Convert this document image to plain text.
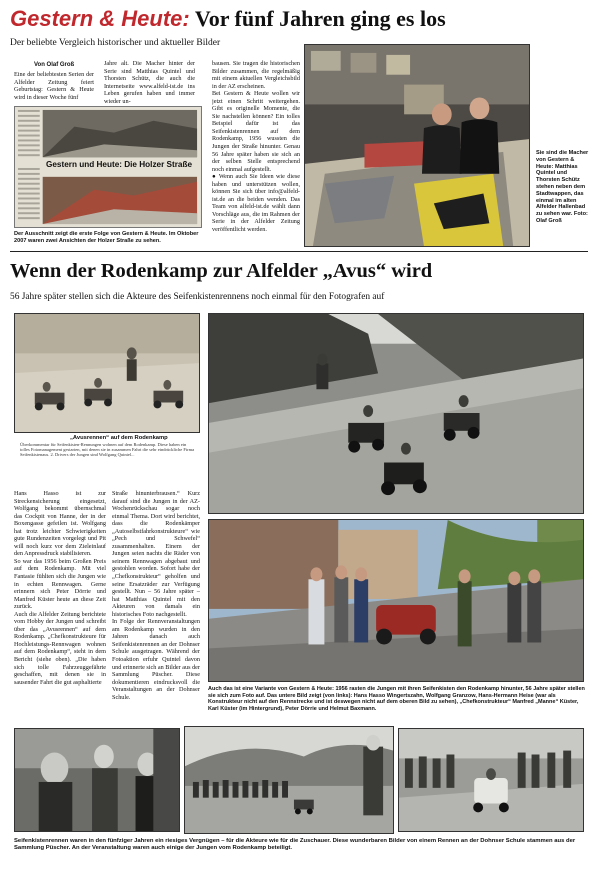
Gestern & Heute: Vor fünf Jahren ging es los
Der beliebte Vergleich historischer und aktueller Bilder
Von Olaf Groß
Eine der beliebtesten Serien der Alfelder Zeitung feiert Geburtstag: Gestern & Heute wird in dieser Woche fünf
Jahre alt. Die Macher hinter der Serie sind Matthias Quintel und Thorsten Schütz, die auch die Internetseite www.alfeld-ist.de ins Leben gerufen haben und immer wieder un-
bausen. Sie tragen die historischen Bilder zusammen, die regelmäßig mit einem aktuellen Vergleichsbild in der AZ erscheinen.
Bei Gestern & Heute wollen wir jetzt einen Schritt weitergehen. Gibt es originelle Momente, die Sie nachstellen können? Ein tolles Beispiel dafür ist das Seifenkistenrennen auf dem Rodenkamp, 1956 wussten die Jungen der Straße hinunter. Genau 56 Jahre später haben sie sich an der selben Stelle entsprechend noch einmal aufgestellt.
● Wenn auch Sie Ideen wie diese haben und unterstützen wollen, können Sie sich über info@alfeld-ist.de an die beiden wenden. Das Team von alfeld-ist.de wählt dann Vorschläge aus, die im Rahmen der Serie in der Alfelder Zeitung veröffentlicht werden.
Gestern und Heute: Die Holzer Straße
Der Ausschnitt zeigt die erste Folge von Gestern & Heute. Im Oktober 2007 waren zwei Ansichten der Holzer Straße zu sehen.
Sie sind die Macher von Gestern & Heute: Matthias Quintel und Thorsten Schütz stehen neben dem Stadtwappen, das einmal im alten Alfelder Hallenbad zu sehen war. Foto: Olaf Groß
Wenn der Rodenkamp zur Alfelder „Avus“ wird
56 Jahre später stellen sich die Akteure des Seifenkistenrennens noch einmal für den Fotografen auf
„Avusrennen“ auf dem Rodenkamp
Überkommentar für Seifenkisten-Rennungen wohnen auf dem Rodenkamp. Diese haben ein tolles Fotomanagement gestarten, mit denen sie in zusammen Fahrt die sehr eindrückliche Firma Seifenkistenaus. 2. Drivers der Jungen sind Wolfgang Quintel...
Hans Hasso ist zur Streckensicherung eingesetzt, Wolfgang bekommt übernschmal das Cockpit von Hanne, der in der Boxengasse gefeilen ist. Wolfgang hat trotz leichter Schwierigkeiten gute Rundenzeiten vorgelegt und Pit will noch kurz vor dem Zieleinlauf den Anpressdruck stabilisieren.
So war das 1956 beim Großen Preis auf dem Rodenkamp. Mit viel Fantasie fühlten sich die Jungen wie in echten Rennwagen. Gerne erinnern sich Peter Dörrie und Manfred Küster heute an diese Zeit zurück.
Auch die Alfelder Zeitung berichtete vom Hobby der Jungen und schreibt über das „Avusrennen“ auf dem Rodenkamp. „Chefkonstrukteure für Hochleistungs-Rennwagen wohnen auf dem Rodenkamp“, steht in dem Bericht (siehe oben). „Die haben sich tolle Fahrzeuggefährte geschaffen, mit denen sie in sausender Fahrt die gut asphaltierte
Straße hinunterbrausen.“ Kurz darauf sind die Jungen in der AZ-Wochenrückschau sogar noch einmal Thema. Dort wird berichtet, dass die Rodenkämper „Autoselbstfahrkonstrukteure“ wie „Pech und Schwefel“ zusammenhalten. Einem der Jungen seien nachts die Räder von seinem Rennwagen abgebaut und gestohlen worden. Sofort habe der „Chefkonstrukteur“ geholfen und seine Ersatzräder zur Verfügung gestellt. Nun – 56 Jahre später – hat Matthias Quintel mit den Akteuren von damals ein historisches Foto nachgestellt.
In Folge der Rennveranstaltungen am Rodenkamp wurden in den Jahren danach auch Seifenkistenrennen an der Dohnser Schule ausgetragen. Während der Fotoaktion erfuhr Quintel davon und erinnerte sich an Bilder aus der Sammlung Püscher. Diese dokumentieren eindrucksvoll die Veranstaltungen an der Dohnser Schule.
Auch das ist eine Variante von Gestern & Heute: 1956 rasten die Jungen mit ihren Seifenkisten den Rodenkamp hinunter, 56 Jahre später stellen sie sich zum Foto auf. Das untere Bild zeigt (von links): Hans Hasso Wingertszahn, Wolfgang Granzow, Hans-Hermann Heise (war als Konstrukteur nicht auf den Rennstrecke und ist deswegen nicht auf dem oberen Bild zu sehen), „Chefkonstrukteur“ Manfred „Manne“ Küster, Karl Küster (im Hintergrund), Peter Dörrie und Helmut Baxmann.
Seifenkistenrennen waren in den fünfziger Jahren ein riesiges Vergnügen – für die Akteure wie für die Zuschauer. Diese wunderbaren Bilder von einem Rennen an der Dohnser Schule stammen aus der Sammlung Püscher. An der Veranstaltung waren auch einige der Jungen vom Rodenkamp beteiligt.
